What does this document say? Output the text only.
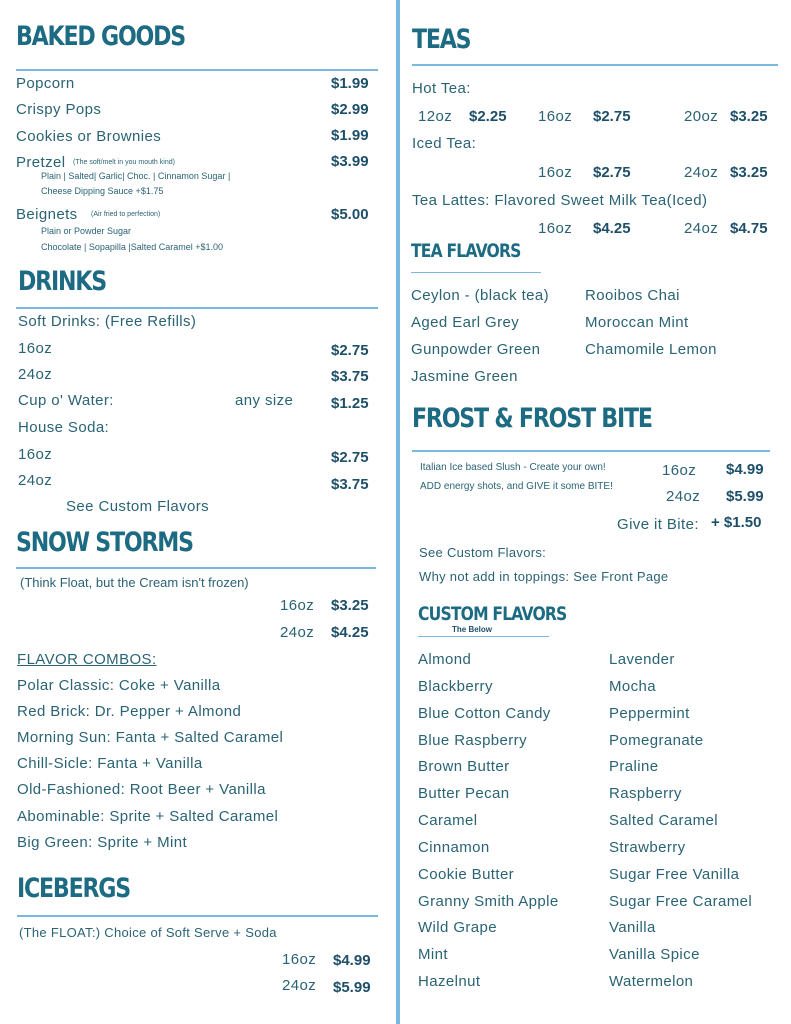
BAKED GOODS
Popcorn	$1.99
Crispy Pops	$2.99
Cookies or Brownies	$1.99
Pretzel (The soft/melt in you mouth kind)	$3.99
Plain | Salted| Garlic| Choc. | Cinnamon Sugar |
Cheese Dipping Sauce +$1.75
Beignets (Air fried to perfection)	$5.00
Plain or Powder Sugar
Chocolate | Sopapilla |Salted Caramel +$1.00
DRINKS
Soft Drinks: (Free Refills)
16oz	$2.75
24oz	$3.75
Cup o' Water:	any size	$1.25
House Soda:
16oz	$2.75
24oz	$3.75
See Custom Flavors
SNOW STORMS
(Think Float, but the Cream isn't frozen)
16oz $3.25
24oz $4.25
FLAVOR COMBOS:
Polar Classic: Coke + Vanilla
Red Brick: Dr. Pepper + Almond
Morning Sun: Fanta + Salted Caramel
Chill-Sicle: Fanta + Vanilla
Old-Fashioned: Root Beer + Vanilla
Abominable: Sprite + Salted Caramel
Big Green: Sprite + Mint
ICEBERGS
(The FLOAT:) Choice of Soft Serve + Soda
16oz $4.99
24oz $5.99
TEAS
Hot Tea:
12oz $2.25 16oz $2.75	20oz $3.25
Iced Tea:
16oz $2.75	24oz $3.25
Tea Lattes: Flavored Sweet Milk Tea(Iced)
16oz $4.25	24oz $4.75
TEA FLAVORS
Ceylon - (black tea)
Aged Earl Grey
Gunpowder Green
Jasmine Green
Rooibos Chai
Moroccan Mint
Chamomile Lemon
FROST & FROST BITE
Italian Ice based Slush - Create your own!
ADD energy shots, and GIVE it some BITE!
16oz $4.99
24oz $5.99
Give it Bite: + $1.50
See Custom Flavors:
Why not add in toppings: See Front Page
CUSTOM FLAVORS
The Below
Almond
Blackberry
Blue Cotton Candy
Blue Raspberry
Brown Butter
Butter Pecan
Caramel
Cinnamon
Cookie Butter
Granny Smith Apple
Wild Grape
Mint
Hazelnut
Lavender
Mocha
Peppermint
Pomegranate
Praline
Raspberry
Salted Caramel
Strawberry
Sugar Free Vanilla
Sugar Free Caramel
Vanilla
Vanilla Spice
Watermelon
